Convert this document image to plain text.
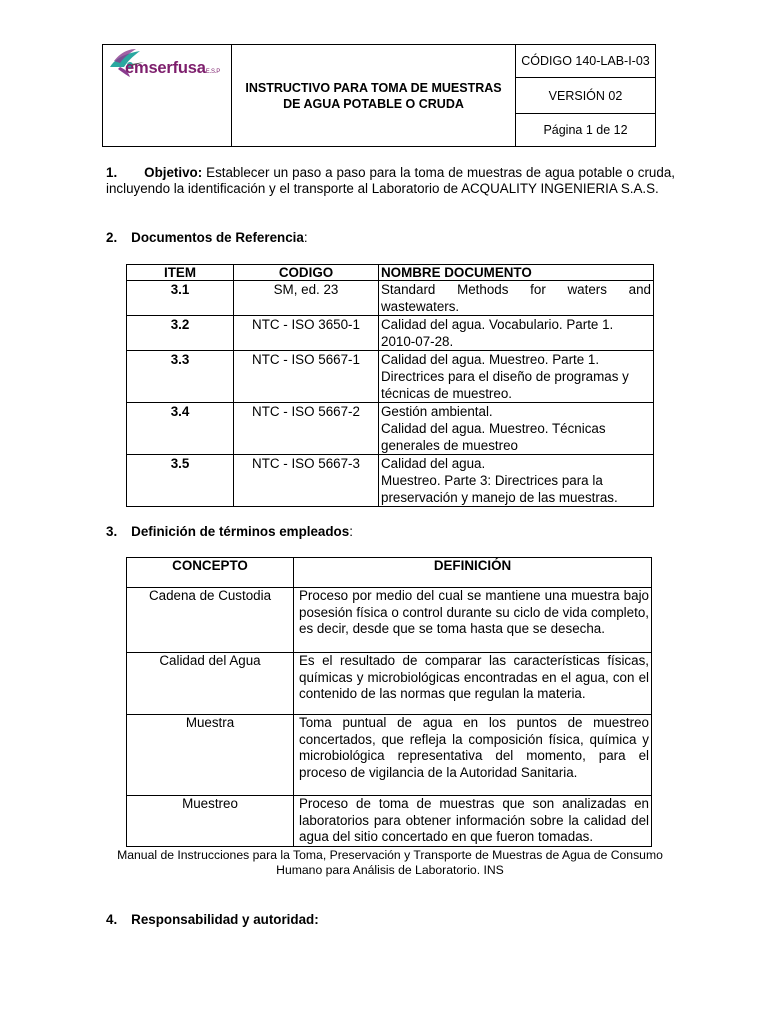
emserfusaE.S.P
INSTRUCTIVO PARA TOMA DE MUESTRAS
DE AGUA POTABLE O CRUDA
CÓDIGO 140-LAB-I-03
VERSIÓN 02
Página 1 de 12
1. Objetivo: Establecer un paso a paso para la toma de muestras de agua potable o cruda, incluyendo la identificación y el transporte al Laboratorio de ACQUALITY INGENIERIA S.A.S.
2. Documentos de Referencia:
ITEM	CODIGO	NOMBRE DOCUMENTO
3.1	SM, ed. 23	Standard Methods for waters and wastewaters.
3.2	NTC - ISO 3650-1	Calidad del agua. Vocabulario. Parte 1. 2010-07-28.
3.3	NTC - ISO 5667-1	Calidad del agua. Muestreo. Parte 1. Directrices para el diseño de programas y técnicas de muestreo.
3.4	NTC - ISO 5667-2	Gestión ambiental.
Calidad del agua. Muestreo. Técnicas generales de muestreo

3.5	NTC - ISO 5667-3	Calidad del agua.
Muestreo. Parte 3: Directrices para la preservación y manejo de las muestras.
3. Definición de términos empleados:
CONCEPTO	DEFINICIÓN
Cadena de Custodia	Proceso por medio del cual se mantiene una muestra bajo posesión física o control durante su ciclo de vida completo, es decir, desde que se toma hasta que se desecha.
Calidad del Agua	Es el resultado de comparar las características físicas, químicas y microbiológicas encontradas en el agua, con el contenido de las normas que regulan la materia.
Muestra	Toma puntual de agua en los puntos de muestreo concertados, que refleja la composición física, química y microbiológica representativa del momento, para el proceso de vigilancia de la Autoridad Sanitaria.
Muestreo	Proceso de toma de muestras que son analizadas en laboratorios para obtener información sobre la calidad del agua del sitio concertado en que fueron tomadas.
Manual de Instrucciones para la Toma, Preservación y Transporte de Muestras de Agua de Consumo
Humano para Análisis de Laboratorio. INS
4. Responsabilidad y autoridad:
